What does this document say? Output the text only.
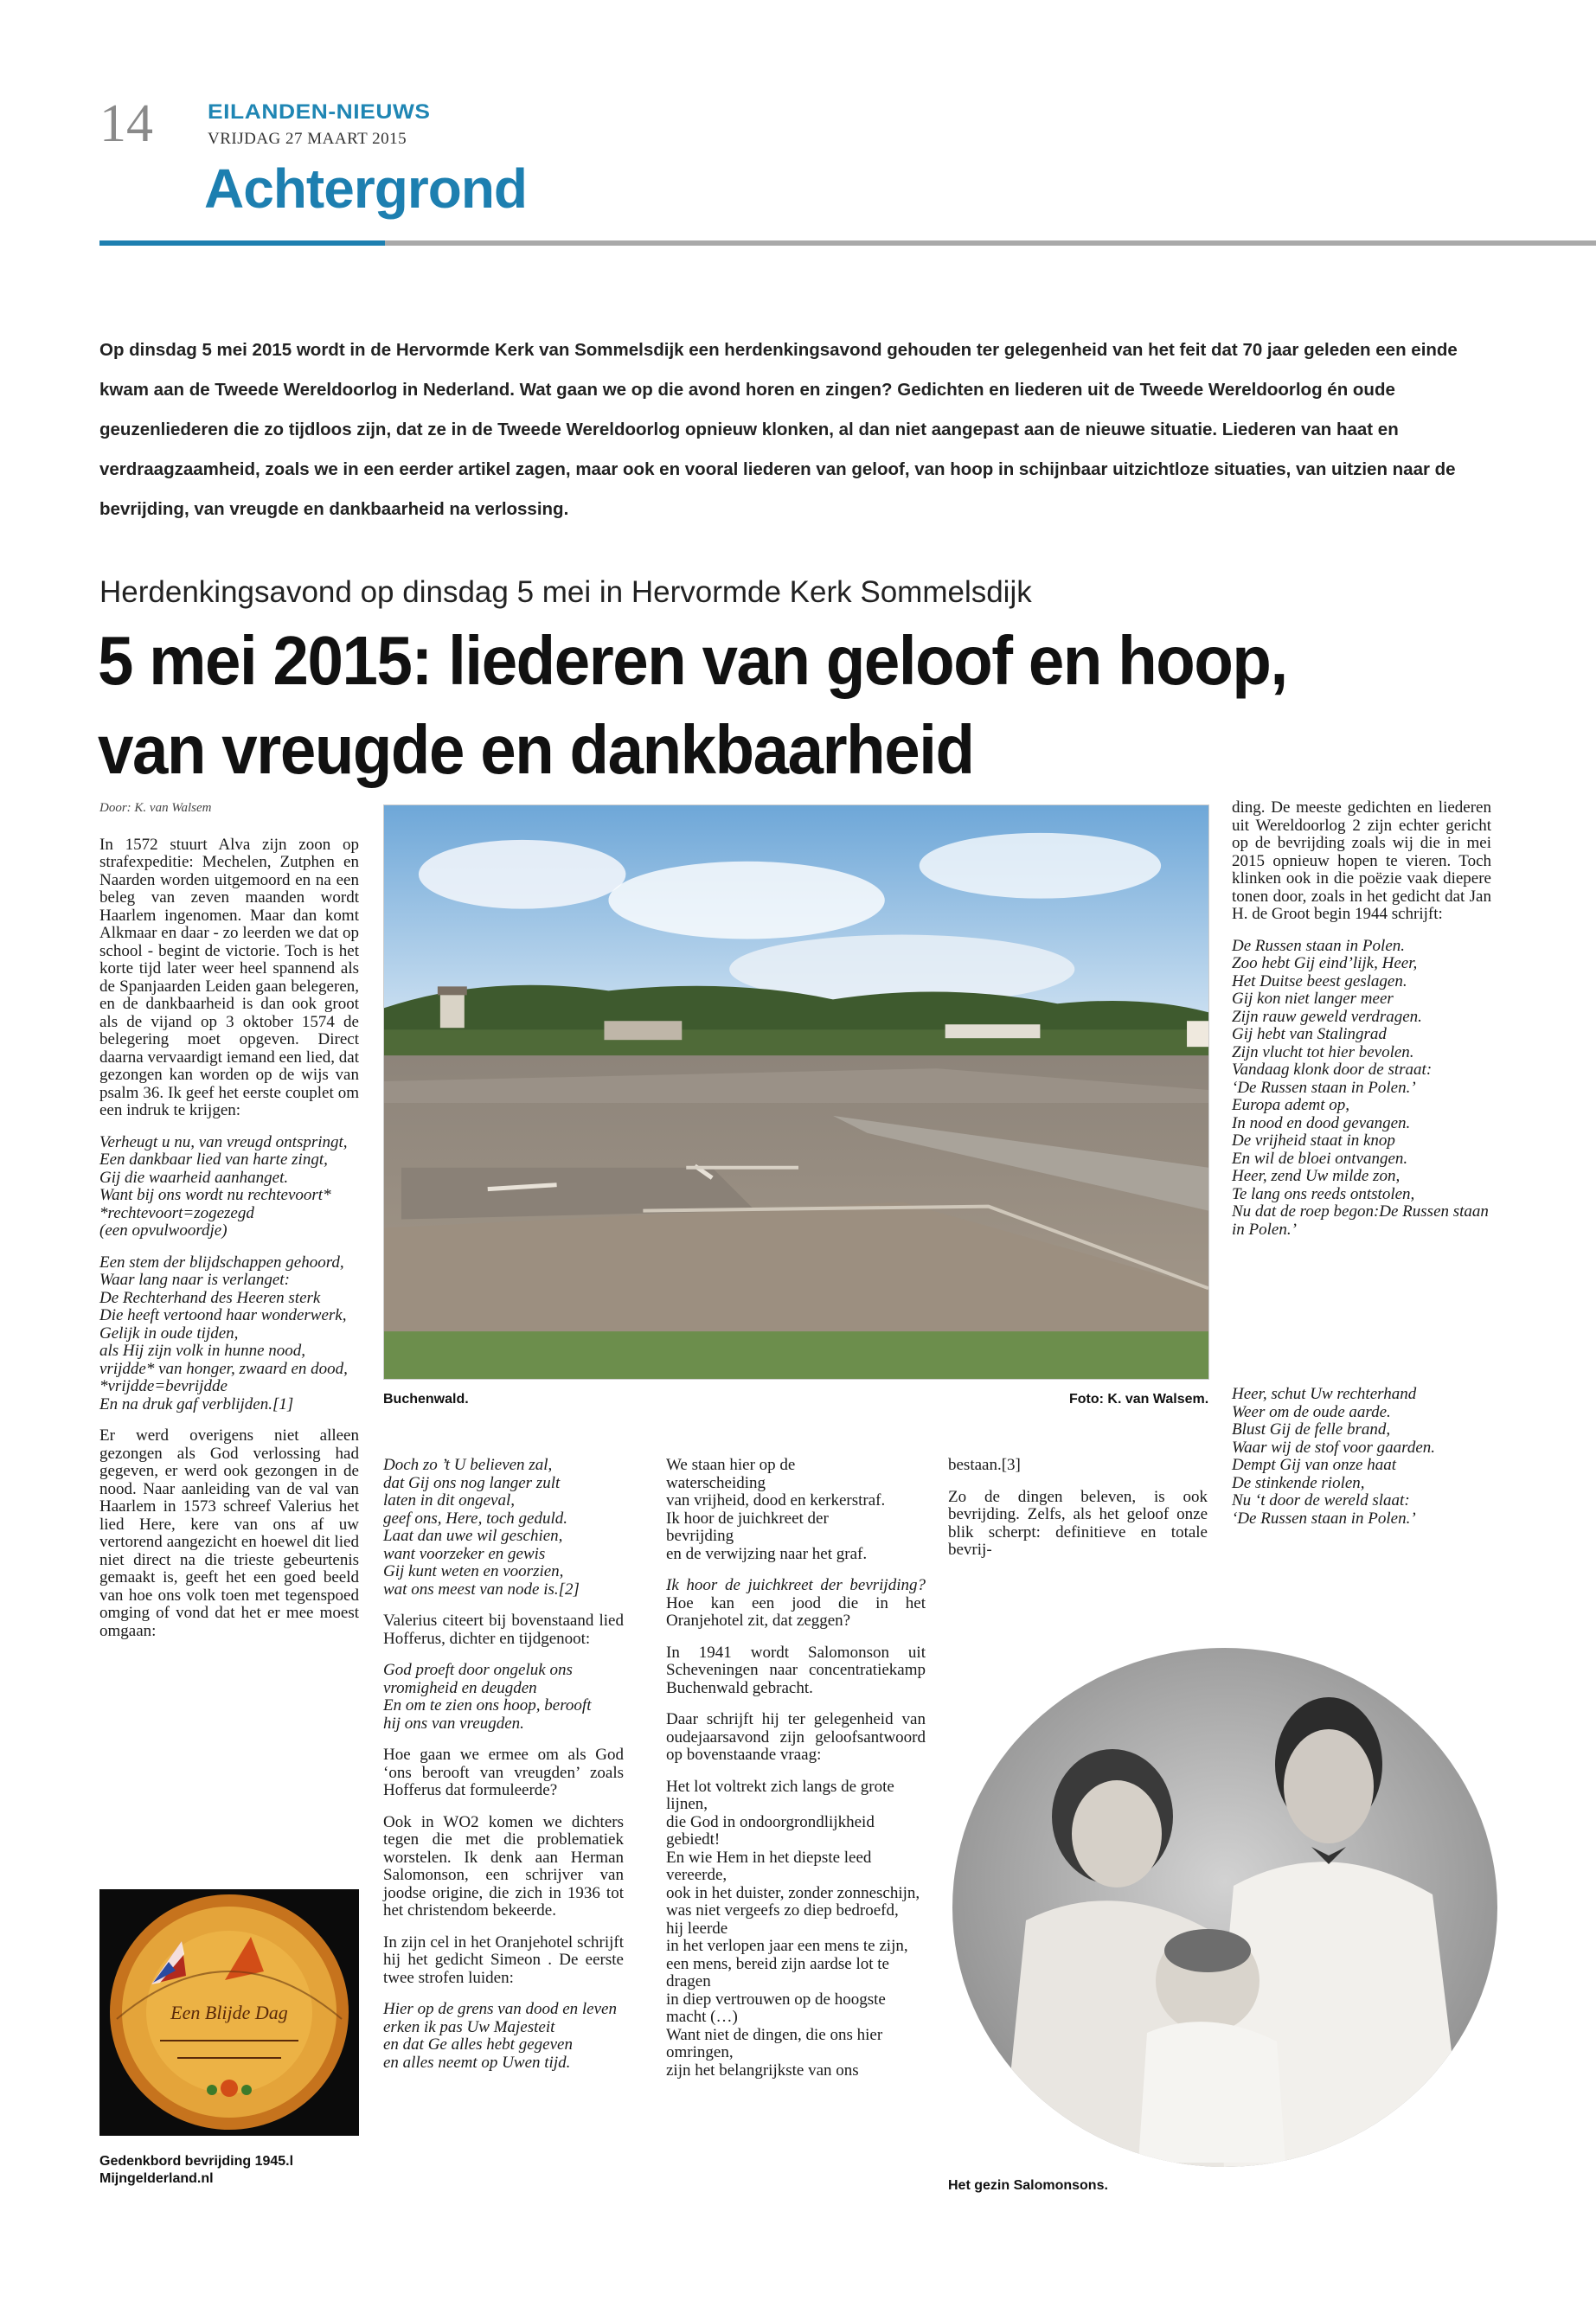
14	EILANDEN-NIEUWS
VRIJDAG 27 MAART 2015
Achtergrond
Op dinsdag 5 mei 2015 wordt in de Hervormde Kerk van Sommelsdijk een herdenkingsavond gehouden ter gelegenheid van het feit dat 70 jaar geleden een einde kwam aan de Tweede Wereldoorlog in Nederland. Wat gaan we op die avond horen en zingen? Gedichten en liederen uit de Tweede Wereldoorlog én oude geuzenliederen die zo tijdloos zijn, dat ze in de Tweede Wereldoorlog opnieuw klonken, al dan niet aangepast aan de nieuwe situatie. Liederen van haat en verdraagzaamheid, zoals we in een eerder artikel zagen, maar ook en vooral liederen van geloof, van hoop in schijnbaar uitzichtloze situaties, van uitzien naar de bevrijding, van vreugde en dankbaarheid na verlossing.
Herdenkingsavond op dinsdag 5 mei in Hervormde Kerk Sommelsdijk
5 mei 2015: liederen van geloof en hoop,
van vreugde en dankbaarheid

Door: K. van Walsem

In 1572 stuurt Alva zijn zoon op strafexpeditie: Mechelen, Zutphen en Naarden worden uitgemoord en na een beleg van zeven maanden wordt Haarlem ingenomen. Maar dan komt Alkmaar en daar - zo leerden we dat op school - begint de victorie. Toch is het korte tijd later weer heel spannend als de Spanjaarden Leiden gaan belegeren, en de dankbaarheid is dan ook groot als de vijand op 3 oktober 1574 de belegering moet opgeven. Direct daarna vervaardigt iemand een lied, dat gezongen kan worden op de wijs van psalm 36. Ik geef het eerste couplet om een indruk te krijgen:

Verheugt u nu, van vreugd ontspringt,
Een dankbaar lied van harte zingt,
Gij die waarheid aanhanget.
Want bij ons wordt nu rechtevoort*
*rechtevoort=zogezegd
(een opvulwoordje)

Een stem der blijdschappen gehoord,
Waar lang naar is verlanget:
De Rechterhand des Heeren sterk
Die heeft vertoond haar wonderwerk,
Gelijk in oude tijden,
als Hij zijn volk in hunne nood,
vrijdde* van honger, zwaard en dood,
*vrijdde=bevrijdde
En na druk gaf verblijden.[1]

Er werd overigens niet alleen gezongen als God verlossing had gegeven, er werd ook gezongen in de nood. Naar aanleiding van de val van Haarlem in 1573 schreef Valerius het lied Here, kere van ons af uw vertorend aangezicht en hoewel dit lied niet direct na die trieste gebeurtenis gemaakt is, geeft het een goed beeld van hoe ons volk toen met tegenspoed omging of vond dat het er mee moest omgaan:

Een Blijde Dag
Gedenkbord bevrijding 1945.l Mijngelderland.nl
Buchenwald.	Foto: K. van Walsem.

ding. De meeste gedichten en liederen uit Wereldoorlog 2 zijn echter gericht op de bevrijding zoals wij die in mei 2015 opnieuw hopen te vieren. Toch klinken ook in die poëzie vaak diepere tonen door, zoals in het gedicht dat Jan H. de Groot begin 1944 schrijft:

De Russen staan in Polen.
Zoo hebt Gij eind’lijk, Heer,
Het Duitse beest geslagen.
Gij kon niet langer meer
Zijn rauw geweld verdragen.
Gij hebt van Stalingrad
Zijn vlucht tot hier bevolen.
Vandaag klonk door de straat:
‘De Russen staan in Polen.’
Europa ademt op,
In nood en dood gevangen.
De vrijheid staat in knop
En wil de bloei ontvangen.
Heer, zend Uw milde zon,
Te lang ons reeds ontstolen,
Nu dat de roep begon:De Russen staan in Polen.’

Heer, schut Uw rechterhand
Weer om de oude aarde.
Blust Gij de felle brand,
Waar wij de stof voor gaarden.
Dempt Gij van onze haat
De stinkende riolen,
Nu ‘t door de wereld slaat:
‘De Russen staan in Polen.’

Doch zo ’t U believen zal,
dat Gij ons nog langer zult
laten in dit ongeval,
geef ons, Here, toch geduld.
Laat dan uwe wil geschien,
want voorzeker en gewis
Gij kunt weten en voorzien,
wat ons meest van node is.[2]

Valerius citeert bij bovenstaand lied Hofferus, dichter en tijdgenoot:

God proeft door ongeluk ons
vromigheid en deugden
En om te zien ons hoop, berooft
hij ons van vreugden.

Hoe gaan we ermee om als God ‘ons berooft van vreugden’ zoals Hofferus dat formuleerde?

Ook in WO2 komen we dichters tegen die met die problematiek worstelen. Ik denk aan Herman Salomonson, een schrijver van joodse origine, die zich in 1936 tot het christendom bekeerde.

In zijn cel in het Oranjehotel schrijft hij het gedicht Simeon . De eerste twee strofen luiden:

Hier op de grens van dood en leven
erken ik pas Uw Majesteit
en dat Ge alles hebt gegeven
en alles neemt op Uwen tijd.

We staan hier op de
waterscheiding
van vrijheid, dood en kerkerstraf.
Ik hoor de juichkreet der
bevrijding
en de verwijzing naar het graf.

Ik hoor de juichkreet der bevrijding? Hoe kan een jood die in het Oranjehotel zit, dat zeggen?

In 1941 wordt Salomonson uit Scheveningen naar concentratiekamp Buchenwald gebracht.

Daar schrijft hij ter gelegenheid van oudejaarsavond zijn geloofsantwoord op bovenstaande vraag:

Het lot voltrekt zich langs de grote lijnen,
die God in ondoorgrondlijkheid gebiedt!
En wie Hem in het diepste leed vereerde,
ook in het duister, zonder zonneschijn,
was niet vergeefs zo diep bedroefd,
hij leerde
in het verlopen jaar een mens te zijn,
een mens, bereid zijn aardse lot te dragen
in diep vertrouwen op de hoogste macht (…)
Want niet de dingen, die ons hier omringen,
zijn het belangrijkste van ons

bestaan.[3]

Zo de dingen beleven, is ook bevrijding. Zelfs, als het geloof onze blik scherpt: definitieve en totale bevrij-

Het gezin Salomonsons.
